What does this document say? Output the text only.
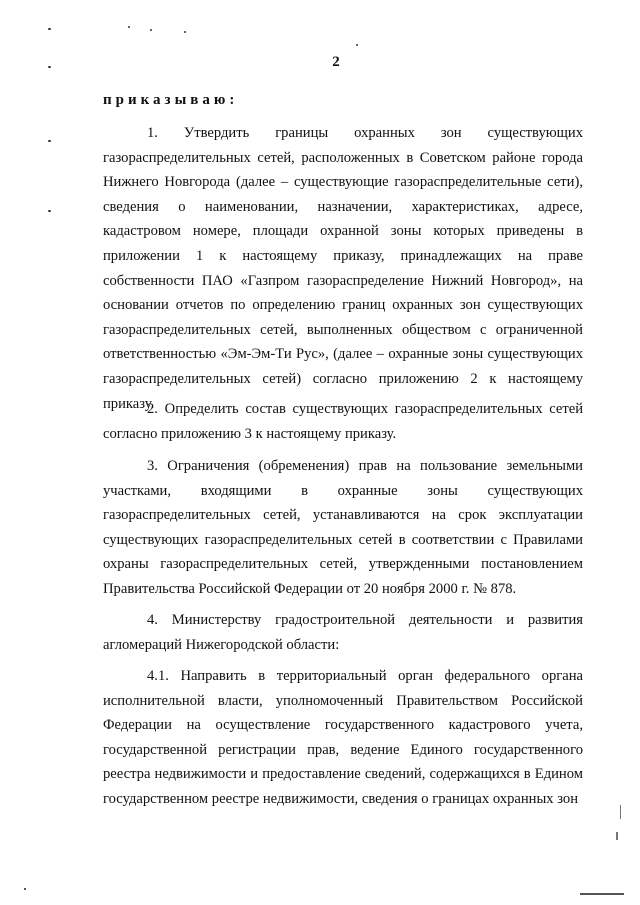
2
приказываю:
1. Утвердить границы охранных зон существующих газораспределительных сетей, расположенных в Советском районе города Нижнего Новгорода (далее – существующие газораспределительные сети), сведения о наименовании, назначении, характеристиках, адресе, кадастровом номере, площади охранной зоны которых приведены в приложении 1 к настоящему приказу, принадлежащих на праве собственности ПАО «Газпром газораспределение Нижний Новгород», на основании отчетов по определению границ охранных зон существующих газораспределительных сетей, выполненных обществом с ограниченной ответственностью «Эм-Эм-Ти Рус», (далее – охранные зоны существующих газораспределительных сетей) согласно приложению 2 к настоящему приказу.
2. Определить состав существующих газораспределительных сетей согласно приложению 3 к настоящему приказу.
3. Ограничения (обременения) прав на пользование земельными участками, входящими в охранные зоны существующих газораспределительных сетей, устанавливаются на срок эксплуатации существующих газораспределительных сетей в соответствии с Правилами охраны газораспределительных сетей, утвержденными постановлением Правительства Российской Федерации от 20 ноября 2000 г. № 878.
4. Министерству градостроительной деятельности и развития агломераций Нижегородской области:
4.1. Направить в территориальный орган федерального органа исполнительной власти, уполномоченный Правительством Российской Федерации на осуществление государственного кадастрового учета, государственной регистрации прав, ведение Единого государственного реестра недвижимости и предоставление сведений, содержащихся в Едином государственном реестре недвижимости, сведения о границах охранных зон
